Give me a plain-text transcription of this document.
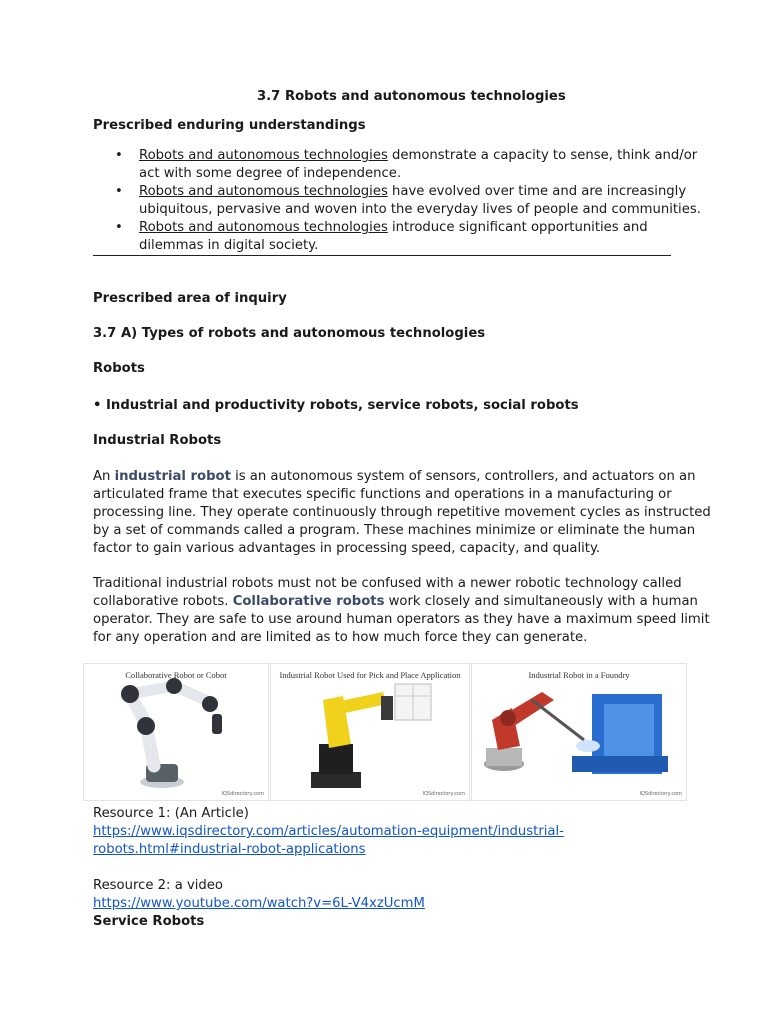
3.7 Robots and autonomous technologies
Prescribed enduring understandings
• Robots and autonomous technologies demonstrate a capacity to sense, think and/or
act with some degree of independence.
• Robots and autonomous technologies have evolved over time and are increasingly
ubiquitous, pervasive and woven into the everyday lives of people and communities.
• Robots and autonomous technologies introduce significant opportunities and
dilemmas in digital society.
Prescribed area of inquiry
3.7 A) Types of robots and autonomous technologies
Robots
• Industrial and productivity robots, service robots, social robots
Industrial Robots
An industrial robot is an autonomous system of sensors, controllers, and actuators on an
articulated frame that executes specific functions and operations in a manufacturing or
processing line. They operate continuously through repetitive movement cycles as instructed
by a set of commands called a program. These machines minimize or eliminate the human
factor to gain various advantages in processing speed, capacity, and quality.
Traditional industrial robots must not be confused with a newer robotic technology called
collaborative robots. Collaborative robots work closely and simultaneously with a human
operator. They are safe to use around human operators as they have a maximum speed limit
for any operation and are limited as to how much force they can generate.
Resource 1: (An Article)
https://www.iqsdirectory.com/articles/automation-equipment/industrial-
robots.html#industrial-robot-applications
Resource 2: a video
https://www.youtube.com/watch?v=6L-V4xzUcmM
Service Robots
Collaborative Robot or Cobot
IQSdirectory.com
Industrial Robot Used for Pick and Place Application
IQSdirectory.com
Industrial Robot in a Foundry
IQSdirectory.com
